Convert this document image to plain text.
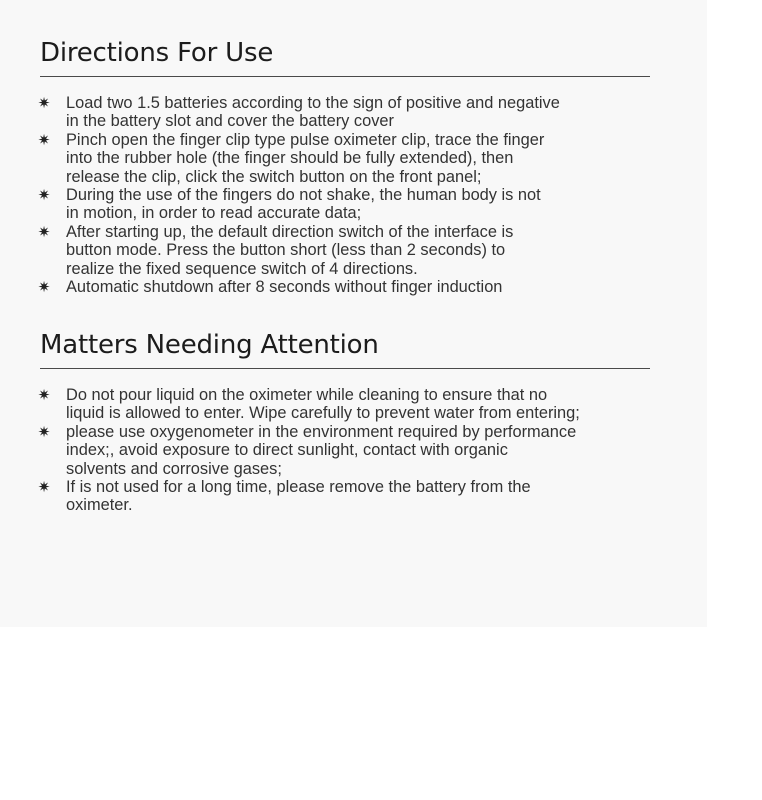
Directions For Use
✷ Load two 1.5 batteries according to the sign of positive and negative
in the battery slot and cover the battery cover
✷ Pinch open the finger clip type pulse oximeter clip, trace the finger
into the rubber hole (the finger should be fully extended), then
release the clip, click the switch button on the front panel;
✷ During the use of the fingers do not shake, the human body is not
in motion, in order to read accurate data;
✷ After starting up, the default direction switch of the interface is
button mode. Press the button short (less than 2 seconds) to
realize the fixed sequence switch of 4 directions.
✷ Automatic shutdown after 8 seconds without finger induction
Matters Needing Attention
✷ Do not pour liquid on the oximeter while cleaning to ensure that no
liquid is allowed to enter. Wipe carefully to prevent water from entering;
✷ please use oxygenometer in the environment required by performance
index;, avoid exposure to direct sunlight, contact with organic
solvents and corrosive gases;
✷ If is not used for a long time, please remove the battery from the
oximeter.
